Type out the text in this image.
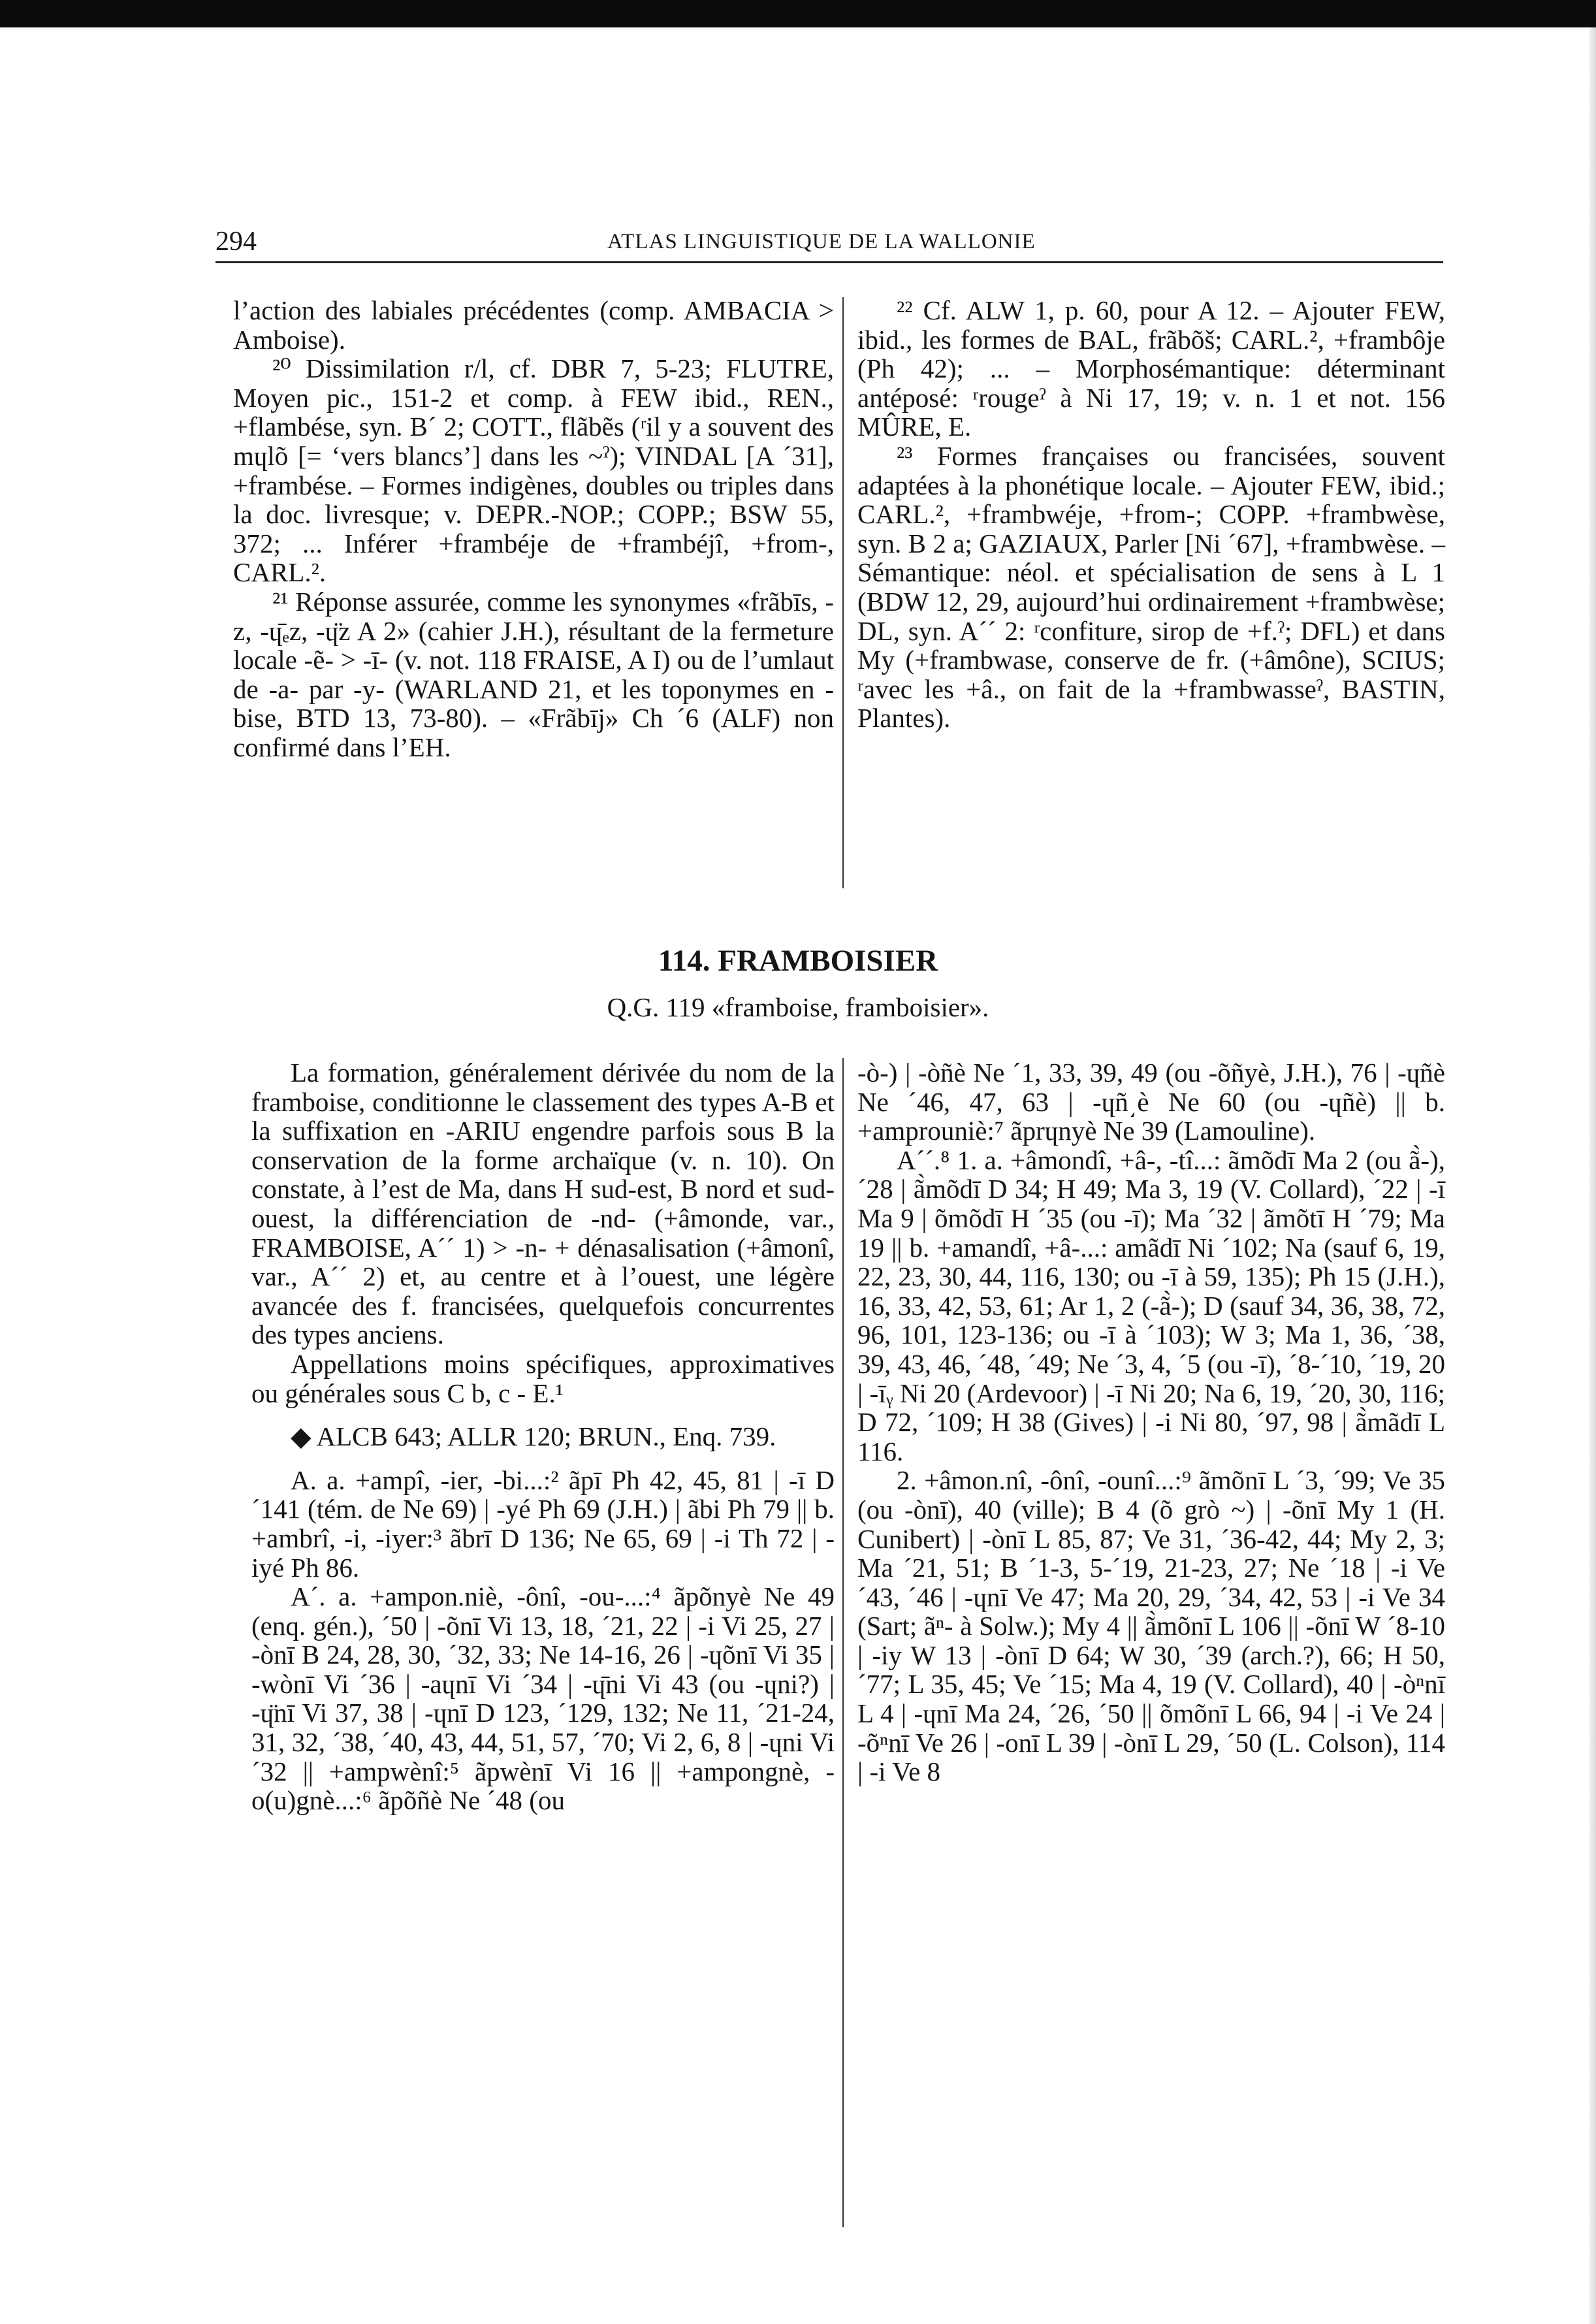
294	ATLAS LINGUISTIQUE DE LA WALLONIE

l’action des labiales précédentes (comp. AMBACIA > Amboise).

²⁰ Dissimilation r/l, cf. DBR 7, 5-23; FLUTRE, Moyen pic., 151-2 et comp. à FEW ibid., REN., +flambése, syn. B´ 2; COTT., flãbẽs (ʳil y a souvent des mɥlõ [= ‘vers blancs’] dans les ~ˀ); VINDAL [A ´31], +frambése. – Formes indigènes, doubles ou triples dans la doc. livresque; v. DEPR.-NOP.; COPP.; BSW 55, 372; ... Inférer +frambéje de +frambéjî, +from-, CARL.².

²¹ Réponse assurée, comme les synonymes «frãbīs, -z, -ɥ̄ₑz, -ɥ̈z A 2» (cahier J.H.), résultant de la fermeture locale -ẽ- > -ī- (v. not. 118 FRAISE, A I) ou de l’umlaut de -a- par -y- (WARLAND 21, et les toponymes en -bise, BTD 13, 73-80). – «Frãbīj» Ch ´6 (ALF) non confirmé dans l’EH.

²² Cf. ALW 1, p. 60, pour A 12. – Ajouter FEW, ibid., les formes de BAL, frãbõš; CARL.², +frambôje (Ph 42); ... – Morphosémantique: déterminant antéposé: ʳrougeˀ à Ni 17, 19; v. n. 1 et not. 156 MÛRE, E.

²³ Formes françaises ou francisées, souvent adaptées à la phonétique locale. – Ajouter FEW, ibid.; CARL.², +frambwéje, +from-; COPP. +frambwèse, syn. B 2 a; GAZIAUX, Parler [Ni ´67], +frambwèse. – Sémantique: néol. et spécialisation de sens à L 1 (BDW 12, 29, aujourd’hui ordinairement +frambwèse; DL, syn. A´´ 2: ʳconfiture, sirop de +f.ˀ; DFL) et dans My (+frambwase, conserve de fr. (+âmône), SCIUS; ʳavec les +â., on fait de la +frambwasseˀ, BASTIN, Plantes).

114. FRAMBOISIER
Q.G. 119 «framboise, framboisier».

La formation, généralement dérivée du nom de la framboise, conditionne le classement des types A-B et la suffixation en -ARIU engendre parfois sous B la conservation de la forme archaïque (v. n. 10). On constate, à l’est de Ma, dans H sud-est, B nord et sud-ouest, la différenciation de -nd- (+âmonde, var., FRAMBOISE, A´´ 1) > -n- + dénasalisation (+âmonî, var., A´´ 2) et, au centre et à l’ouest, une légère avancée des f. francisées, quelquefois concurrentes des types anciens.

Appellations moins spécifiques, approximatives ou générales sous C b, c - E.¹

◆ ALCB 643; ALLR 120; BRUN., Enq. 739.

A. a. +ampî, -ier, -bi...:² ãpī Ph 42, 45, 81 | -ī D ´141 (tém. de Ne 69) | -yé Ph 69 (J.H.) | ãbi Ph 79 || b. +ambrî, -i, -iyer:³ ãbrī D 136; Ne 65, 69 | -i Th 72 | -iyé Ph 86.

A´. a. +ampon.niè, -ônî, -ou-...:⁴ ãpõnyè Ne 49 (enq. gén.), ´50 | -õnī Vi 13, 18, ´21, 22 | -i Vi 25, 27 | -ònī B 24, 28, 30, ´32, 33; Ne 14-16, 26 | -ɥõnī Vi 35 | -wònī Vi ´36 | -aɥnī Vi ´34 | -ɥ̄ni Vi 43 (ou -ɥni?) | -ɥ̈nī Vi 37, 38 | -ɥnī D 123, ´129, 132; Ne 11, ´21-24, 31, 32, ´38, ´40, 43, 44, 51, 57, ´70; Vi 2, 6, 8 | -ɥni Vi ´32 || +ampwènî:⁵ ãpwènī Vi 16 || +ampongnè, -o(u)gnè...:⁶ ãpõñè Ne ´48 (ou

-ò-) | -òñè Ne ´1, 33, 39, 49 (ou -õñyè, J.H.), 76 | -ɥñè Ne ´46, 47, 63 | -ɥñ͵è Ne 60 (ou -ɥñè) || b. +amprouniè:⁷ ãprɥnyè Ne 39 (Lamouline).

A´´.⁸ 1. a. +âmondî, +â-, -tî...: ãmõdī Ma 2 (ou ã̀-), ´28 | ã̀mõdī D 34; H 49; Ma 3, 19 (V. Collard), ´22 | -ī Ma 9 | õmõdī H ´35 (ou -ī); Ma ´32 | ãmõtī H ´79; Ma 19 || b. +amandî, +â-...: amãdī Ni ´102; Na (sauf 6, 19, 22, 23, 30, 44, 116, 130; ou -ī à 59, 135); Ph 15 (J.H.), 16, 33, 42, 53, 61; Ar 1, 2 (-ã̀-); D (sauf 34, 36, 38, 72, 96, 101, 123-136; ou -ī à ´103); W 3; Ma 1, 36, ´38, 39, 43, 46, ´48, ´49; Ne ´3, 4, ´5 (ou -ī), ´8-´10, ´19, 20 | -īᵧ Ni 20 (Ardevoor) | -ī Ni 20; Na 6, 19, ´20, 30, 116; D 72, ´109; H 38 (Gives) | -i Ni 80, ´97, 98 | ã̀mãdī L 116.

2. +âmon.nî, -ônî, -ounî...:⁹ ãmõnī L ´3, ´99; Ve 35 (ou -ònī), 40 (ville); B 4 (õ grò ~) | -õnī My 1 (H. Cunibert) | -ònī L 85, 87; Ve 31, ´36-42, 44; My 2, 3; Ma ´21, 51; B ´1-3, 5-´19, 21-23, 27; Ne ´18 | -i Ve ´43, ´46 | -ɥnī Ve 47; Ma 20, 29, ´34, 42, 53 | -i Ve 34 (Sart; ãⁿ- à Solw.); My 4 || ã̀mõnī L 106 || -õnī W ´8-10 | -iy W 13 | -ònī D 64; W 30, ´39 (arch.?), 66; H 50, ´77; L 35, 45; Ve ´15; Ma 4, 19 (V. Collard), 40 | -òⁿnī L 4 | -ɥnī Ma 24, ´26, ´50 || õmõnī L 66, 94 | -i Ve 24 | -õⁿnī Ve 26 | -onī L 39 | -ònī L 29, ´50 (L. Colson), 114 | -i Ve 8
